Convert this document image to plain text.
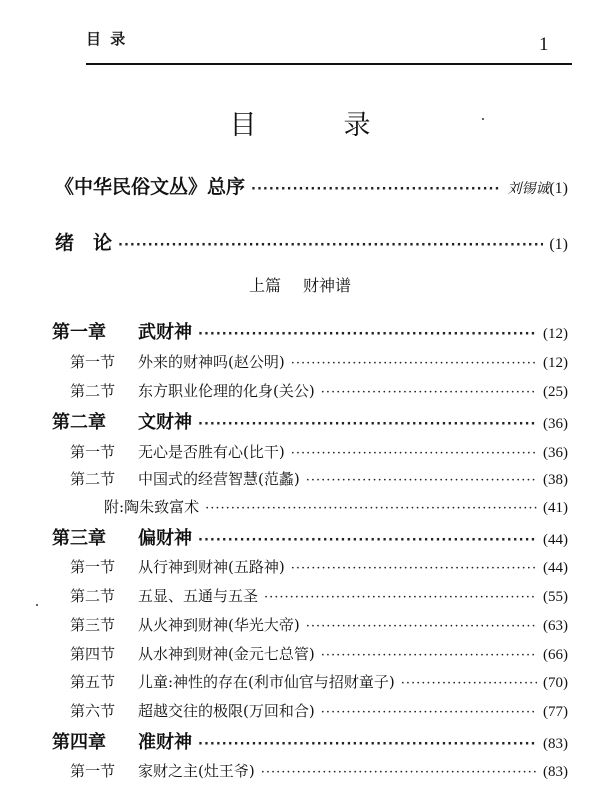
目 录	1
目　录
《中华民俗文丛》总序 ·····	刘锡诚(1)
绪　论 ·····	(1)
上篇 财神谱
第一章 武财神 ·····	(12)
第一节 外来的财神吗(赵公明) ·····	(12)
第二节 东方职业伦理的化身(关公) ·····	(25)
第二章 文财神 ·····	(36)
第一节 无心是否胜有心(比干) ·····	(36)
第二节 中国式的经营智慧(范蠡) ·····	(38)
附:陶朱致富术 ·····	(41)
第三章 偏财神 ·····	(44)
第一节 从行神到财神(五路神) ·····	(44)
第二节 五显、五通与五圣 ·····	(55)
第三节 从火神到财神(华光大帝) ·····	(63)
第四节 从水神到财神(金元七总管) ·····	(66)
第五节 儿童:神性的存在(利市仙官与招财童子) ·····	(70)
第六节 超越交往的极限(万回和合) ·····	(77)
第四章 准财神 ·····	(83)
第一节 家财之主(灶王爷) ·····	(83)
